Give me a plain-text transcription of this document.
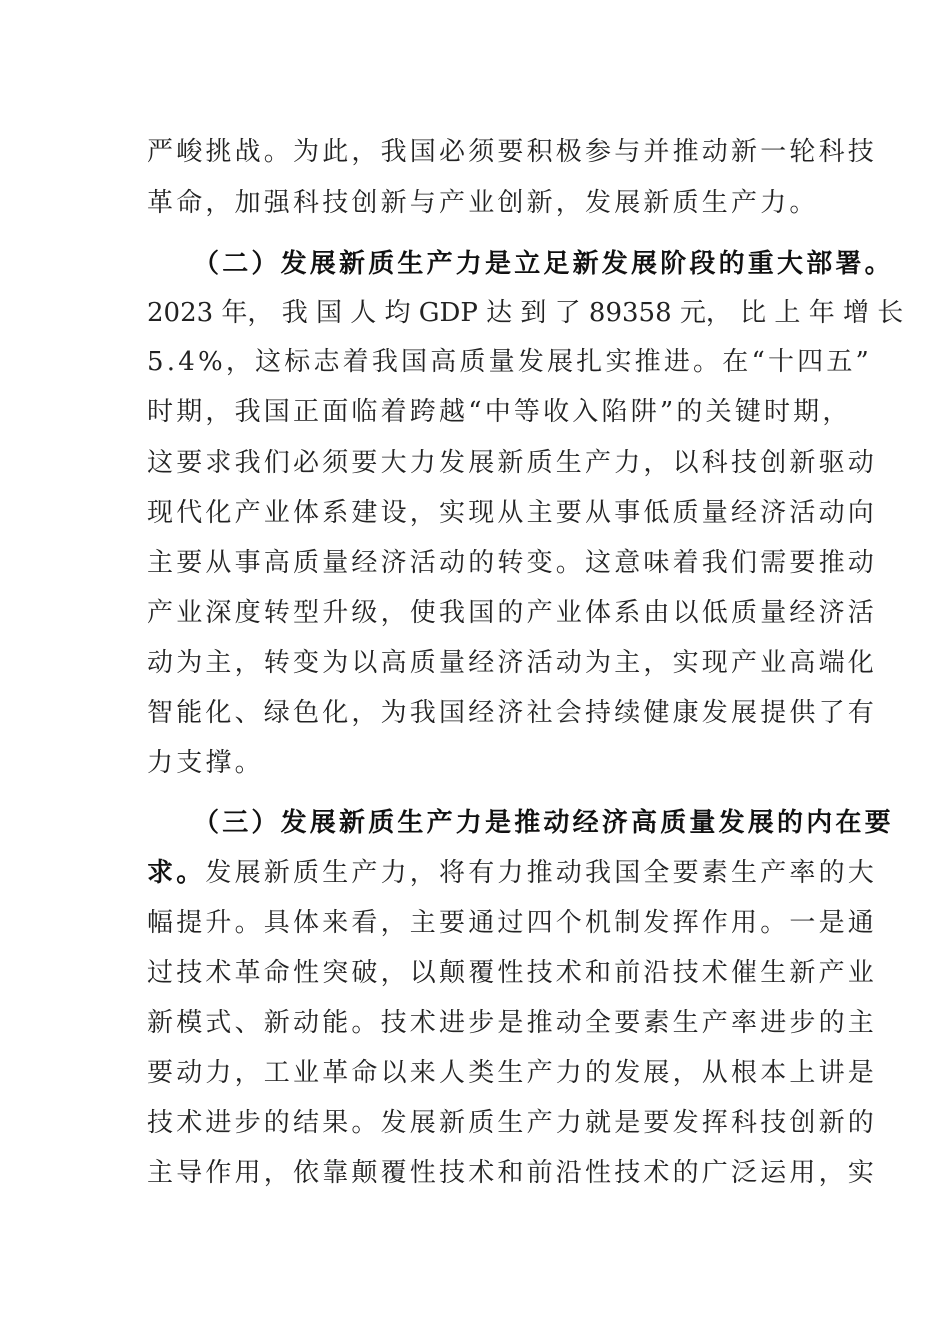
严峻挑战。为此，我国必须要积极参与并推动新一轮科技
革命，加强科技创新与产业创新，发展新质生产力。
（二）发展新质生产力是立足新发展阶段的重大部署。
2023 年， 我 国 人 均 GDP 达 到 了 89358 元， 比 上 年 增 长
5.4%，这标志着我国高质量发展扎实推进。在“十四五”
时期，我国正面临着跨越“中等收入陷阱”的关键时期，
这要求我们必须要大力发展新质生产力，以科技创新驱动
现代化产业体系建设，实现从主要从事低质量经济活动向
主要从事高质量经济活动的转变。这意味着我们需要推动
产业深度转型升级，使我国的产业体系由以低质量经济活
动为主，转变为以高质量经济活动为主，实现产业高端化
智能化、绿色化，为我国经济社会持续健康发展提供了有
力支撑。
（三）发展新质生产力是推动经济高质量发展的内在要
求。发展新质生产力，将有力推动我国全要素生产率的大
幅提升。具体来看，主要通过四个机制发挥作用。一是通
过技术革命性突破，以颠覆性技术和前沿技术催生新产业
新模式、新动能。技术进步是推动全要素生产率进步的主
要动力，工业革命以来人类生产力的发展，从根本上讲是
技术进步的结果。发展新质生产力就是要发挥科技创新的
主导作用，依靠颠覆性技术和前沿性技术的广泛运用，实
